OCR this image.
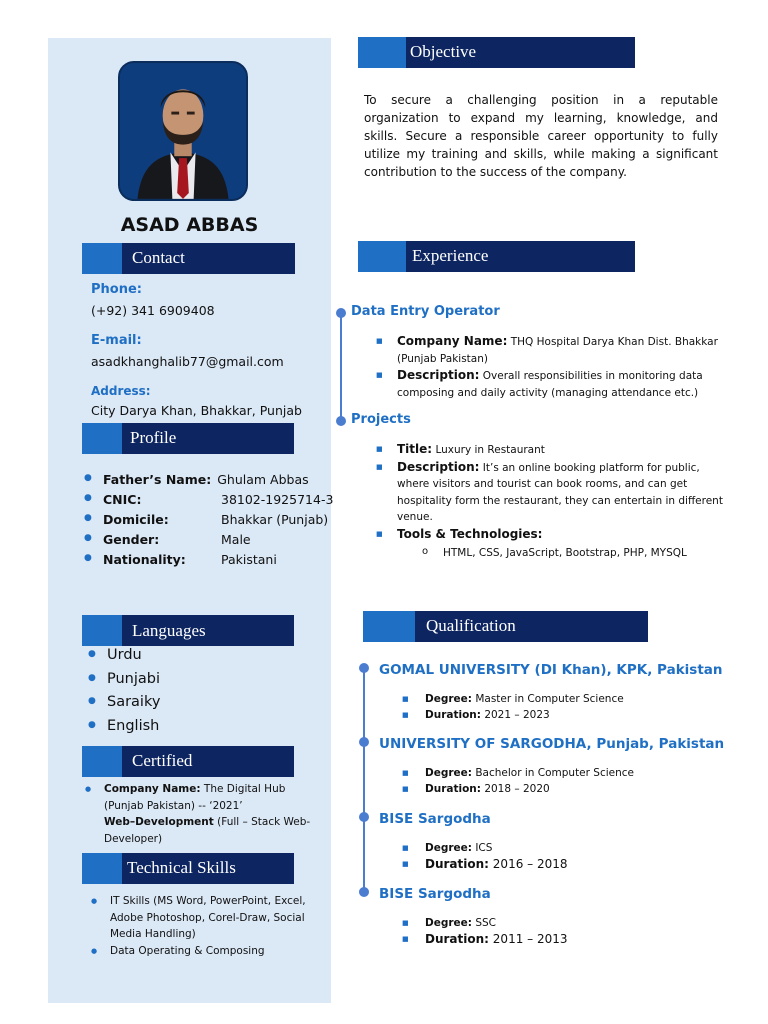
ASAD ABBAS
Contact
Phone:
(+92) 341 6909408
E-mail:
asadkhanghalib77@gmail.com
Address:
City Darya Khan, Bhakkar, Punjab
Profile
● Father’s Name: Ghulam Abbas
● CNIC:	38102-1925714-3
● Domicile:	Bhakkar (Punjab)
● Gender:	Male
● Nationality:	Pakistani
Languages
● Urdu
● Punjabi
● Saraiky
● English
Certified
● Company Name: The Digital Hub (Punjab Pakistan) -- ‘2021’
Web–Development (Full – Stack Web-Developer)
Technical Skills
● IT Skills (MS Word, PowerPoint, Excel, Adobe Photoshop, Corel-Draw, Social Media Handling)
● Data Operating & Composing
Objective
To secure a challenging position in a reputable organization to expand my learning, knowledge, and skills. Secure a responsible career opportunity to fully utilize my training and skills, while making a significant contribution to the success of the company.
Experience
Data Entry Operator
■ Company Name: THQ Hospital Darya Khan Dist. Bhakkar (Punjab Pakistan)
■ Description: Overall responsibilities in monitoring data composing and daily activity (managing attendance etc.)
Projects
■ Title: Luxury in Restaurant
■ Description: It’s an online booking platform for public, where visitors and tourist can book rooms, and can get hospitality form the restaurant, they can entertain in different venue.
■ Tools & Technologies:
o HTML, CSS, JavaScript, Bootstrap, PHP, MYSQL
Qualification
GOMAL UNIVERSITY (DI Khan), KPK, Pakistan
■ Degree: Master in Computer Science
■ Duration: 2021 – 2023
UNIVERSITY OF SARGODHA, Punjab, Pakistan
■ Degree: Bachelor in Computer Science
■ Duration: 2018 – 2020
BISE Sargodha
■ Degree: ICS
■ Duration: 2016 – 2018
BISE Sargodha
■ Degree: SSC
■ Duration: 2011 – 2013
